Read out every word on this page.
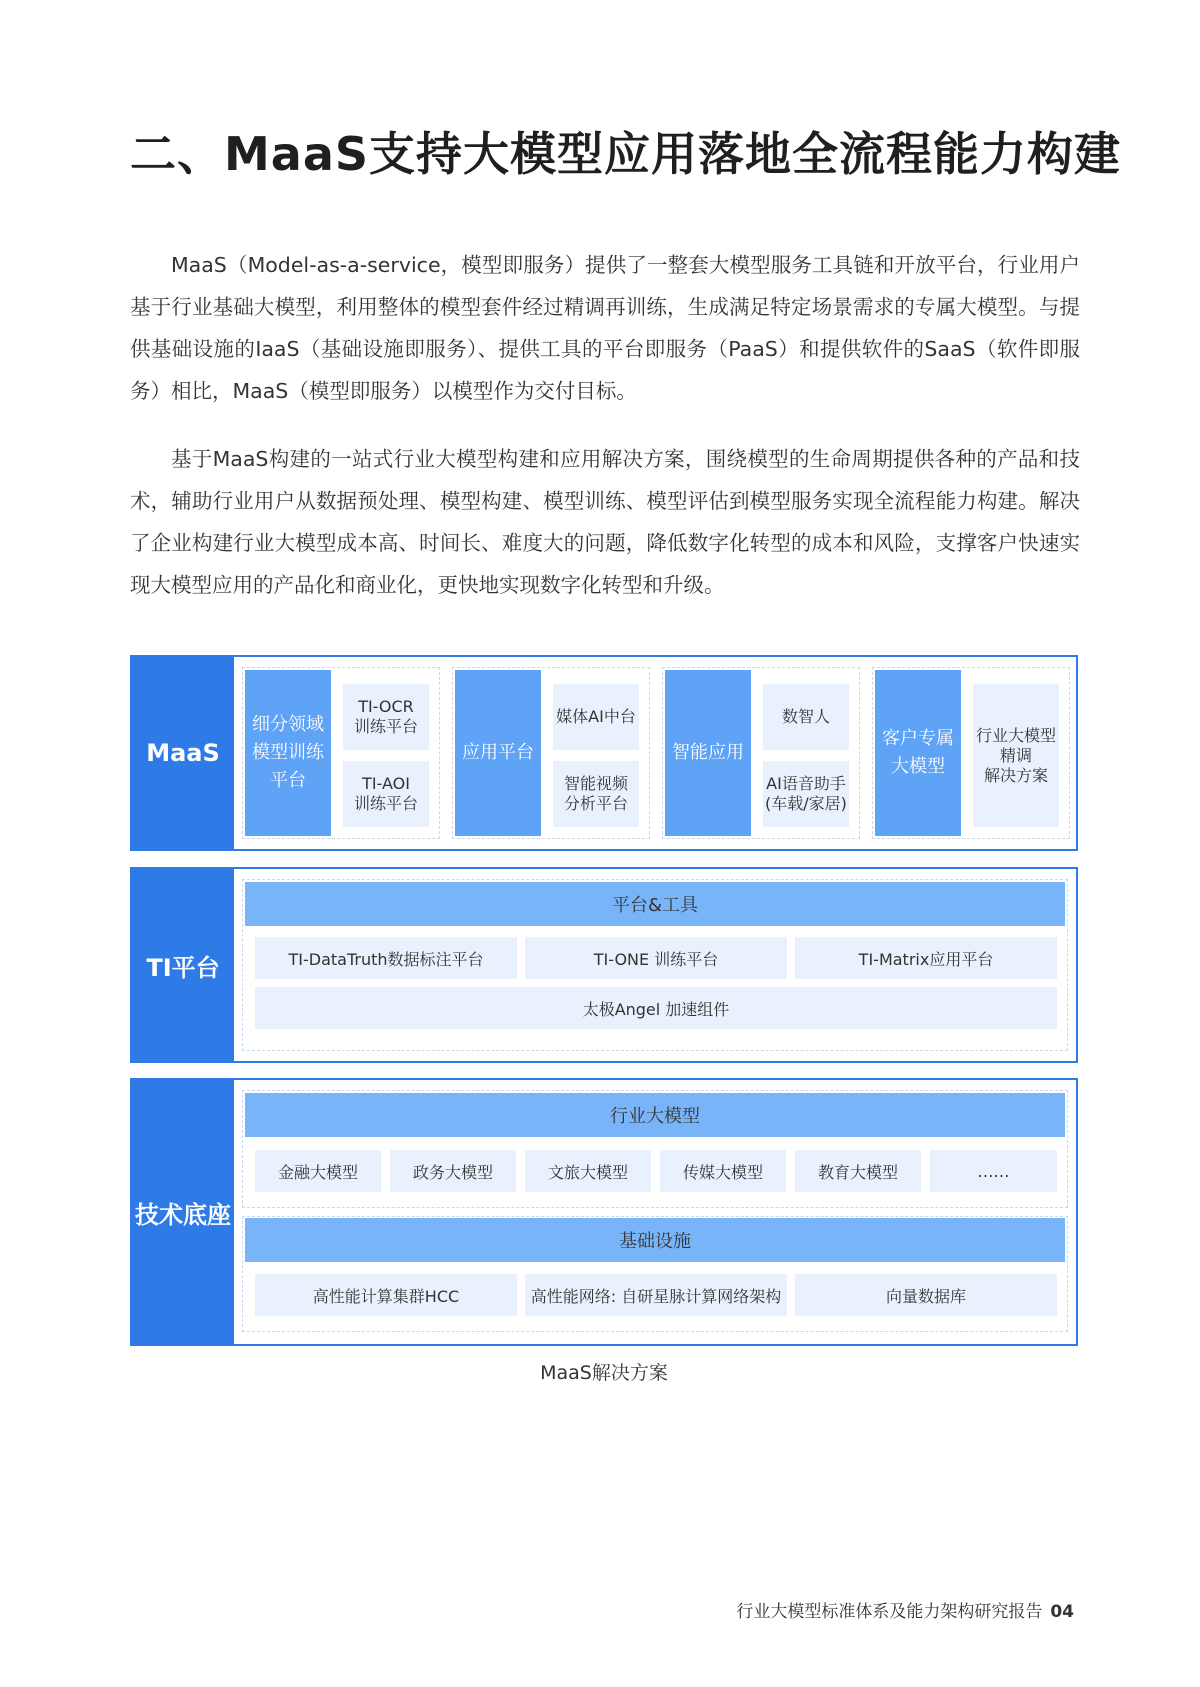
二、MaaS支持大模型应用落地全流程能力构建

MaaS（Model-as-a-service，模型即服务）提供了一整套大模型服务工具链和开放平台，行业用户基于行业基础大模型，利用整体的模型套件经过精调再训练，生成满足特定场景需求的专属大模型。与提供基础设施的IaaS（基础设施即服务）、提供工具的平台即服务（PaaS）和提供软件的SaaS（软件即服务）相比，MaaS（模型即服务）以模型作为交付目标。

基于MaaS构建的一站式行业大模型构建和应用解决方案，围绕模型的生命周期提供各种的产品和技术，辅助行业用户从数据预处理、模型构建、模型训练、模型评估到模型服务实现全流程能力构建。解决了企业构建行业大模型成本高、时间长、难度大的问题，降低数字化转型的成本和风险，支撑客户快速实现大模型应用的产品化和商业化，更快地实现数字化转型和升级。

MaaS
细分领域
模型训练
平台
TI-OCR
训练平台
TI-AOI
训练平台
应用平台
媒体AI中台
智能视频
分析平台
智能应用
数智人
AI语音助手
(车载/家居)
客户专属
大模型
行业大模型
精调
解决方案
TI平台
平台&工具
TI-DataTruth数据标注平台	TI-ONE 训练平台	TI-Matrix应用平台
太极Angel 加速组件
技术底座
行业大模型
金融大模型	政务大模型	文旅大模型	传媒大模型	教育大模型	……
基础设施
高性能计算集群HCC	高性能网络: 自研星脉计算网络架构	向量数据库
MaaS解决方案
行业大模型标准体系及能力架构研究报告 04
